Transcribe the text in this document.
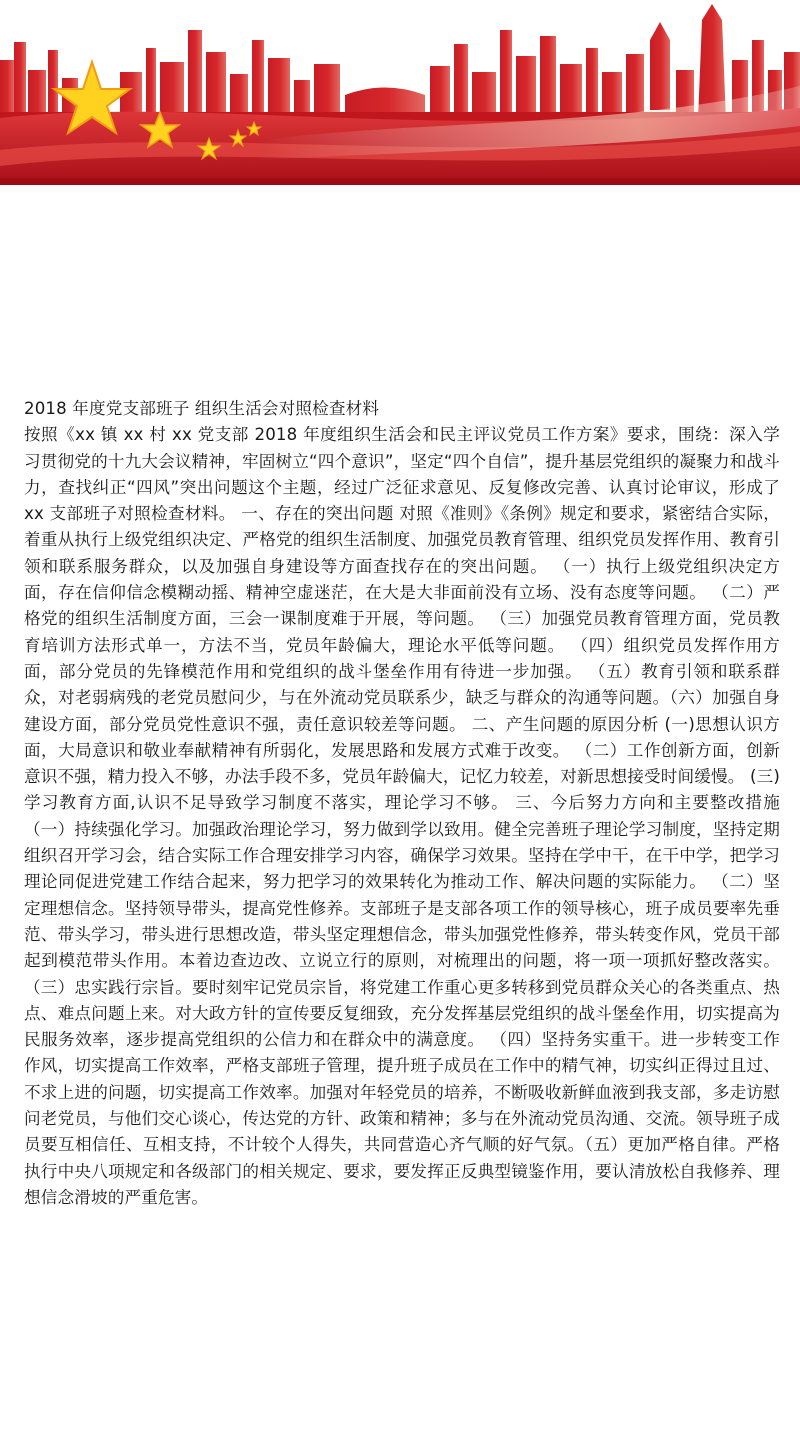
2018 年度党支部班子 组织生活会对照检查材料

按照《xx 镇 xx 村 xx 党支部 2018 年度组织生活会和民主评议党员工作方案》要求，围绕：深入学习贯彻党的十九大会议精神，牢固树立“四个意识”，坚定“四个自信”，提升基层党组织的凝聚力和战斗力，查找纠正“四风”突出问题这个主题，经过广泛征求意见、反复修改完善、认真讨论审议，形成了 xx 支部班子对照检查材料。 一、存在的突出问题 对照《准则》《条例》规定和要求，紧密结合实际，着重从执行上级党组织决定、严格党的组织生活制度、加强党员教育管理、组织党员发挥作用、教育引领和联系服务群众，以及加强自身建设等方面查找存在的突出问题。 （一）执行上级党组织决定方面，存在信仰信念模糊动摇、精神空虚迷茫，在大是大非面前没有立场、没有态度等问题。 （二）严格党的组织生活制度方面，三会一课制度难于开展，等问题。 （三）加强党员教育管理方面，党员教育培训方法形式单一，方法不当，党员年龄偏大，理论水平低等问题。 （四）组织党员发挥作用方面，部分党员的先锋模范作用和党组织的战斗堡垒作用有待进一步加强。 （五）教育引领和联系群众，对老弱病残的老党员慰问少，与在外流动党员联系少，缺乏与群众的沟通等问题。（六）加强自身建设方面，部分党员党性意识不强，责任意识较差等问题。 二、产生问题的原因分析 (一)思想认识方面，大局意识和敬业奉献精神有所弱化，发展思路和发展方式难于改变。 （二）工作创新方面，创新意识不强，精力投入不够，办法手段不多，党员年龄偏大，记忆力较差，对新思想接受时间缓慢。 (三)学习教育方面,认识不足导致学习制度不落实，理论学习不够。 三、今后努力方向和主要整改措施 （一）持续强化学习。加强政治理论学习，努力做到学以致用。健全完善班子理论学习制度，坚持定期组织召开学习会，结合实际工作合理安排学习内容，确保学习效果。坚持在学中干，在干中学，把学习理论同促进党建工作结合起来，努力把学习的效果转化为推动工作、解决问题的实际能力。 （二）坚定理想信念。坚持领导带头，提高党性修养。支部班子是支部各项工作的领导核心，班子成员要率先垂范、带头学习，带头进行思想改造，带头坚定理想信念，带头加强党性修养，带头转变作风，党员干部起到模范带头作用。本着边查边改、立说立行的原则，对梳理出的问题，将一项一项抓好整改落实。 （三）忠实践行宗旨。要时刻牢记党员宗旨，将党建工作重心更多转移到党员群众关心的各类重点、热点、难点问题上来。对大政方针的宣传要反复细致，充分发挥基层党组织的战斗堡垒作用，切实提高为民服务效率，逐步提高党组织的公信力和在群众中的满意度。 （四）坚持务实重干。进一步转变工作作风，切实提高工作效率，严格支部班子管理，提升班子成员在工作中的精气神，切实纠正得过且过、不求上进的问题，切实提高工作效率。加强对年轻党员的培养，不断吸收新鲜血液到我支部，多走访慰问老党员，与他们交心谈心，传达党的方针、政策和精神；多与在外流动党员沟通、交流。领导班子成员要互相信任、互相支持，不计较个人得失，共同营造心齐气顺的好气氛。（五）更加严格自律。严格执行中央八项规定和各级部门的相关规定、要求，要发挥正反典型镜鉴作用，要认清放松自我修养、理想信念滑坡的严重危害。
